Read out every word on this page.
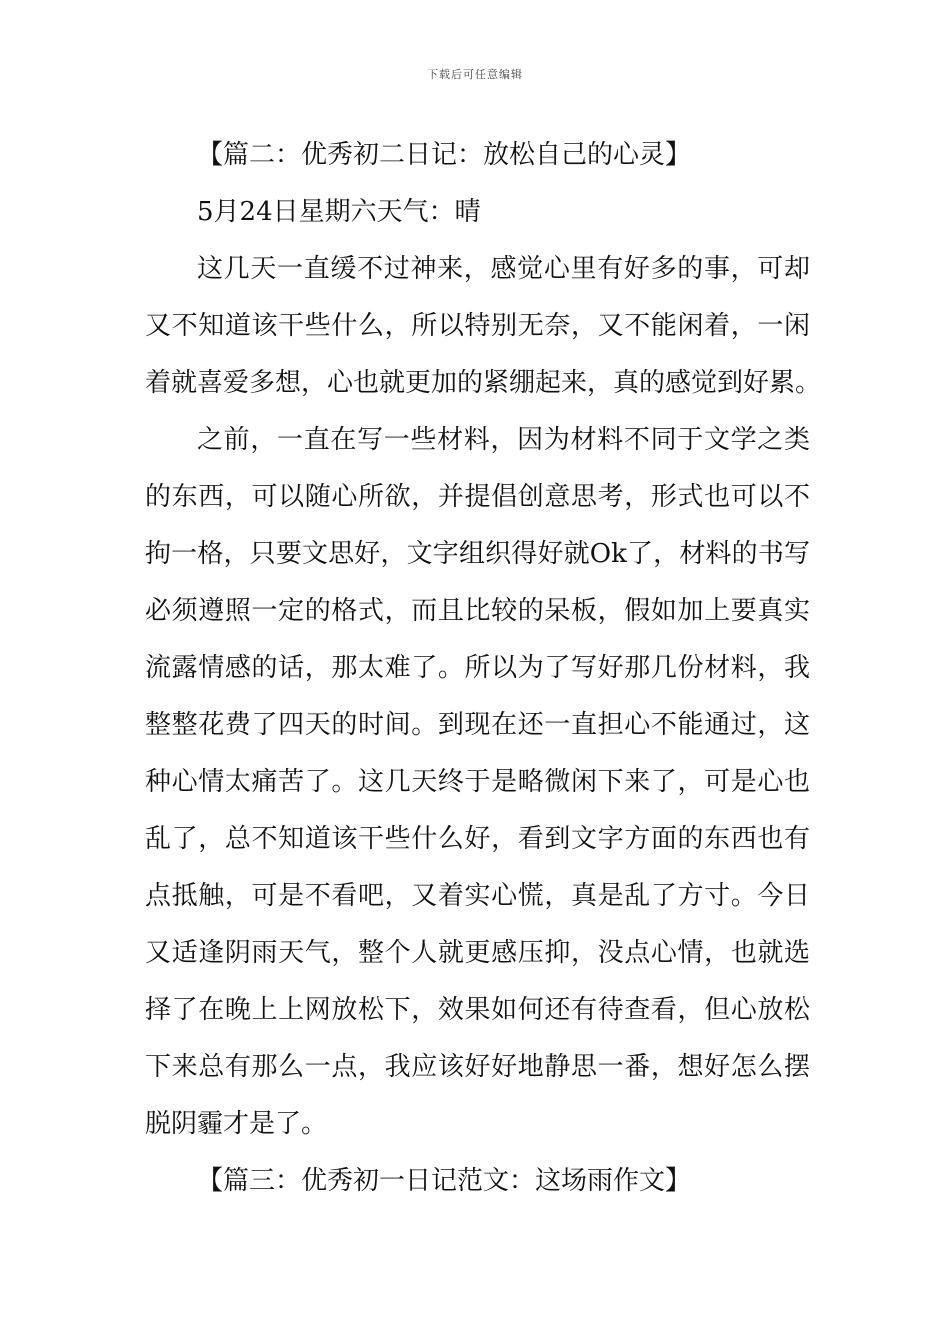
下载后可任意编辑
【篇二：优秀初二日记：放松自己的心灵】
5月24日星期六天气：晴
这几天一直缓不过神来，感觉心里有好多的事，可却
又不知道该干些什么，所以特别无奈，又不能闲着，一闲
着就喜爱多想，心也就更加的紧绷起来，真的感觉到好累。
之前，一直在写一些材料，因为材料不同于文学之类
的东西，可以随心所欲，并提倡创意思考，形式也可以不
拘一格，只要文思好，文字组织得好就Ok了，材料的书写
必须遵照一定的格式，而且比较的呆板，假如加上要真实
流露情感的话，那太难了。所以为了写好那几份材料，我
整整花费了四天的时间。到现在还一直担心不能通过，这
种心情太痛苦了。这几天终于是略微闲下来了，可是心也
乱了，总不知道该干些什么好，看到文字方面的东西也有
点抵触，可是不看吧，又着实心慌，真是乱了方寸。今日
又适逢阴雨天气，整个人就更感压抑，没点心情，也就选
择了在晚上上网放松下，效果如何还有待查看，但心放松
下来总有那么一点，我应该好好地静思一番，想好怎么摆
脱阴霾才是了。
【篇三：优秀初一日记范文：这场雨作文】
